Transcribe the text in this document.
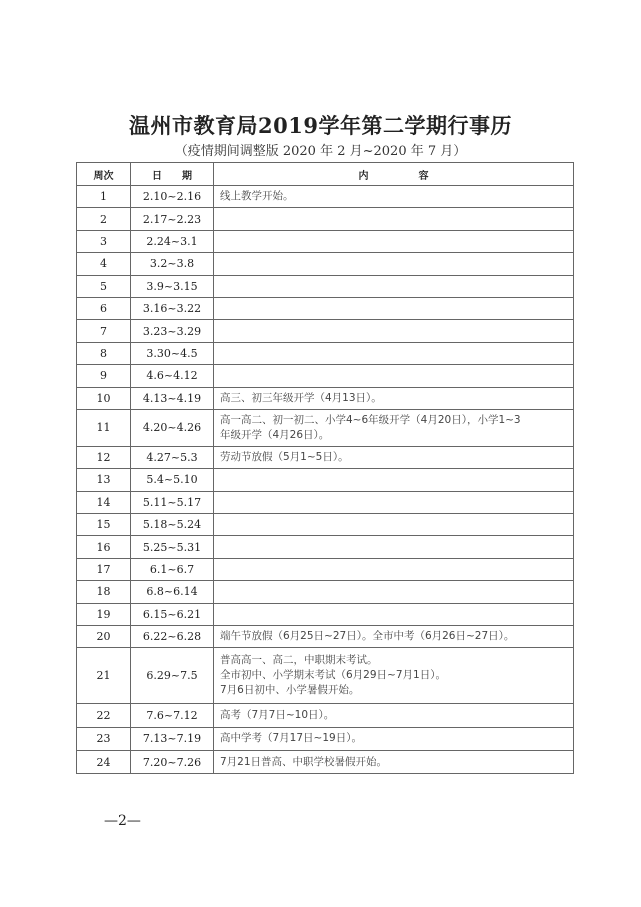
温州市教育局2019学年第二学期行事历
（疫情期间调整版 2020 年 2 月~2020 年 7 月）
周次	日　　期	内　　　　　容
1	2.10~2.16	线上教学开始。

2	2.17~2.23	
3	2.24~3.1	
4	3.2~3.8	
5	3.9~3.15	
6	3.16~3.22	
7	3.23~3.29	
8	3.30~4.5	
9	4.6~4.12	
10	4.13~4.19	高三、初三年级开学（4月13日）。

11	4.20~4.26	高一高二、初一初二、小学4~6年级开学（4月20日），小学1~3
年级开学（4月26日）。

12	4.27~5.3	劳动节放假（5月1~5日）。

13	5.4~5.10	
14	5.11~5.17	
15	5.18~5.24	
16	5.25~5.31	
17	6.1~6.7	
18	6.8~6.14	
19	6.15~6.21	
20	6.22~6.28	端午节放假（6月25日~27日）。全市中考（6月26日~27日）。

21	6.29~7.5	普高高一、高二，中职期末考试。
全市初中、小学期末考试（6月29日~7月1日）。
7月6日初中、小学暑假开始。

22	7.6~7.12	高考（7月7日~10日）。

23	7.13~7.19	高中学考（7月17日~19日）。

24	7.20~7.26	7月21日普高、中职学校暑假开始。
—2—
